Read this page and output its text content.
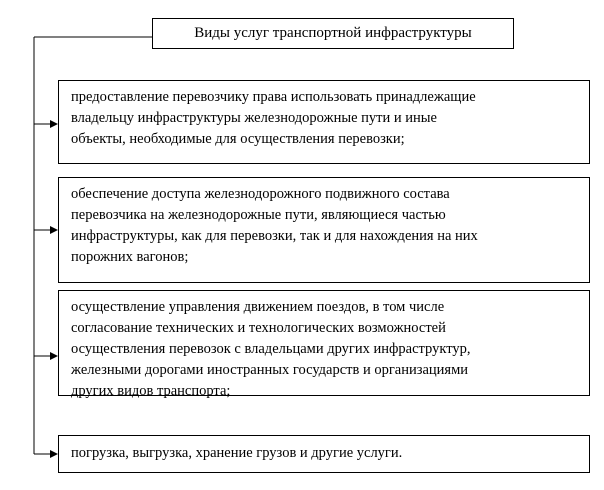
Виды услуг транспортной инфраструктуры
предоставление перевозчику права использовать принадлежащие
владельцу инфраструктуры железнодорожные пути и иные
объекты, необходимые для осуществления перевозки;
обеспечение доступа железнодорожного подвижного состава
перевозчика на железнодорожные пути, являющиеся частью
инфраструктуры, как для перевозки, так и для нахождения на них
порожних вагонов;
осуществление управления движением поездов, в том числе
согласование технических и технологических возможностей
осуществления перевозок с владельцами других инфраструктур,
железными дорогами иностранных государств и организациями
других видов транспорта;
погрузка, выгрузка, хранение грузов и другие услуги.
